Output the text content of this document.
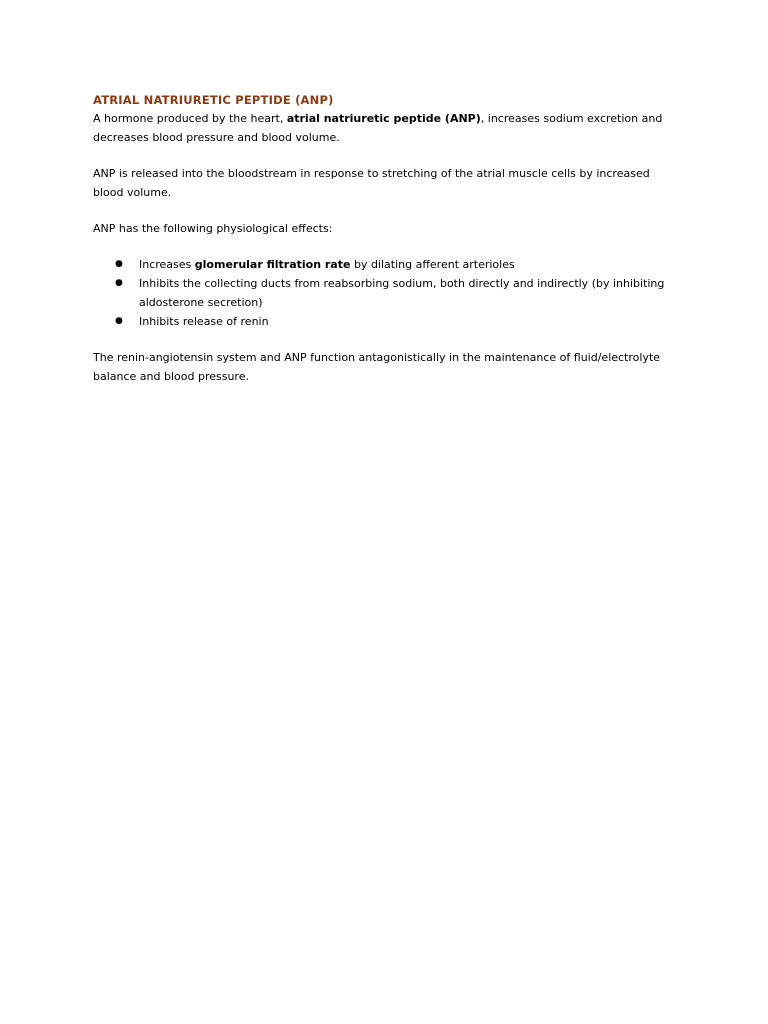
ATRIAL NATRIURETIC PEPTIDE (ANP)

A hormone produced by the heart, atrial natriuretic peptide (ANP), increases sodium excretion and decreases blood pressure and blood volume.

ANP is released into the bloodstream in response to stretching of the atrial muscle cells by increased blood volume.

ANP has the following physiological effects:

● Increases glomerular filtration rate by dilating afferent arterioles
● Inhibits the collecting ducts from reabsorbing sodium, both directly and indirectly (by inhibiting aldosterone secretion)
● Inhibits release of renin

The renin-angiotensin system and ANP function antagonistically in the maintenance of fluid/electrolyte balance and blood pressure.
